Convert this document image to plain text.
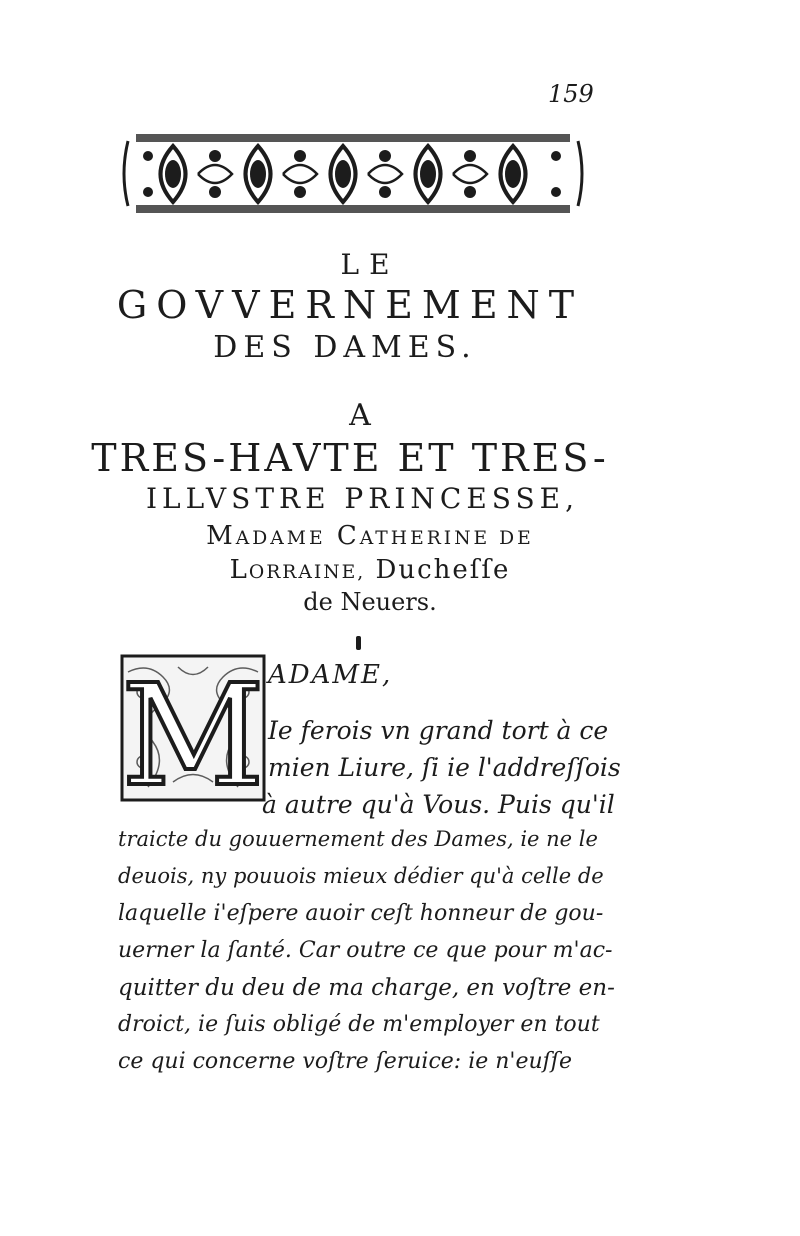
159
LE
GOVVERNEMENT
DES DAMES.
A
TRES-HAVTE ET TRES-
ILLVSTRE PRINCESSE,
MADAME CATHERINE DE
LORRAINE, Ducheſſe
de Neuers.
M ADAME,
Ie ferois vn grand tort à ce
mien Liure, ſi ie l'addreſſois
à autre qu'à Vous. Puis qu'il
traicte du gouuernement des Dames, ie ne le
deuois, ny pouuois mieux dédier qu'à celle de
laquelle i'eſpere auoir ceſt honneur de gou-
uerner la ſanté. Car outre ce que pour m'ac-
quitter du deu de ma charge, en voſtre en-
droict, ie ſuis obligé de m'employer en tout
ce qui concerne voſtre ſeruice: ie n'euſſe
